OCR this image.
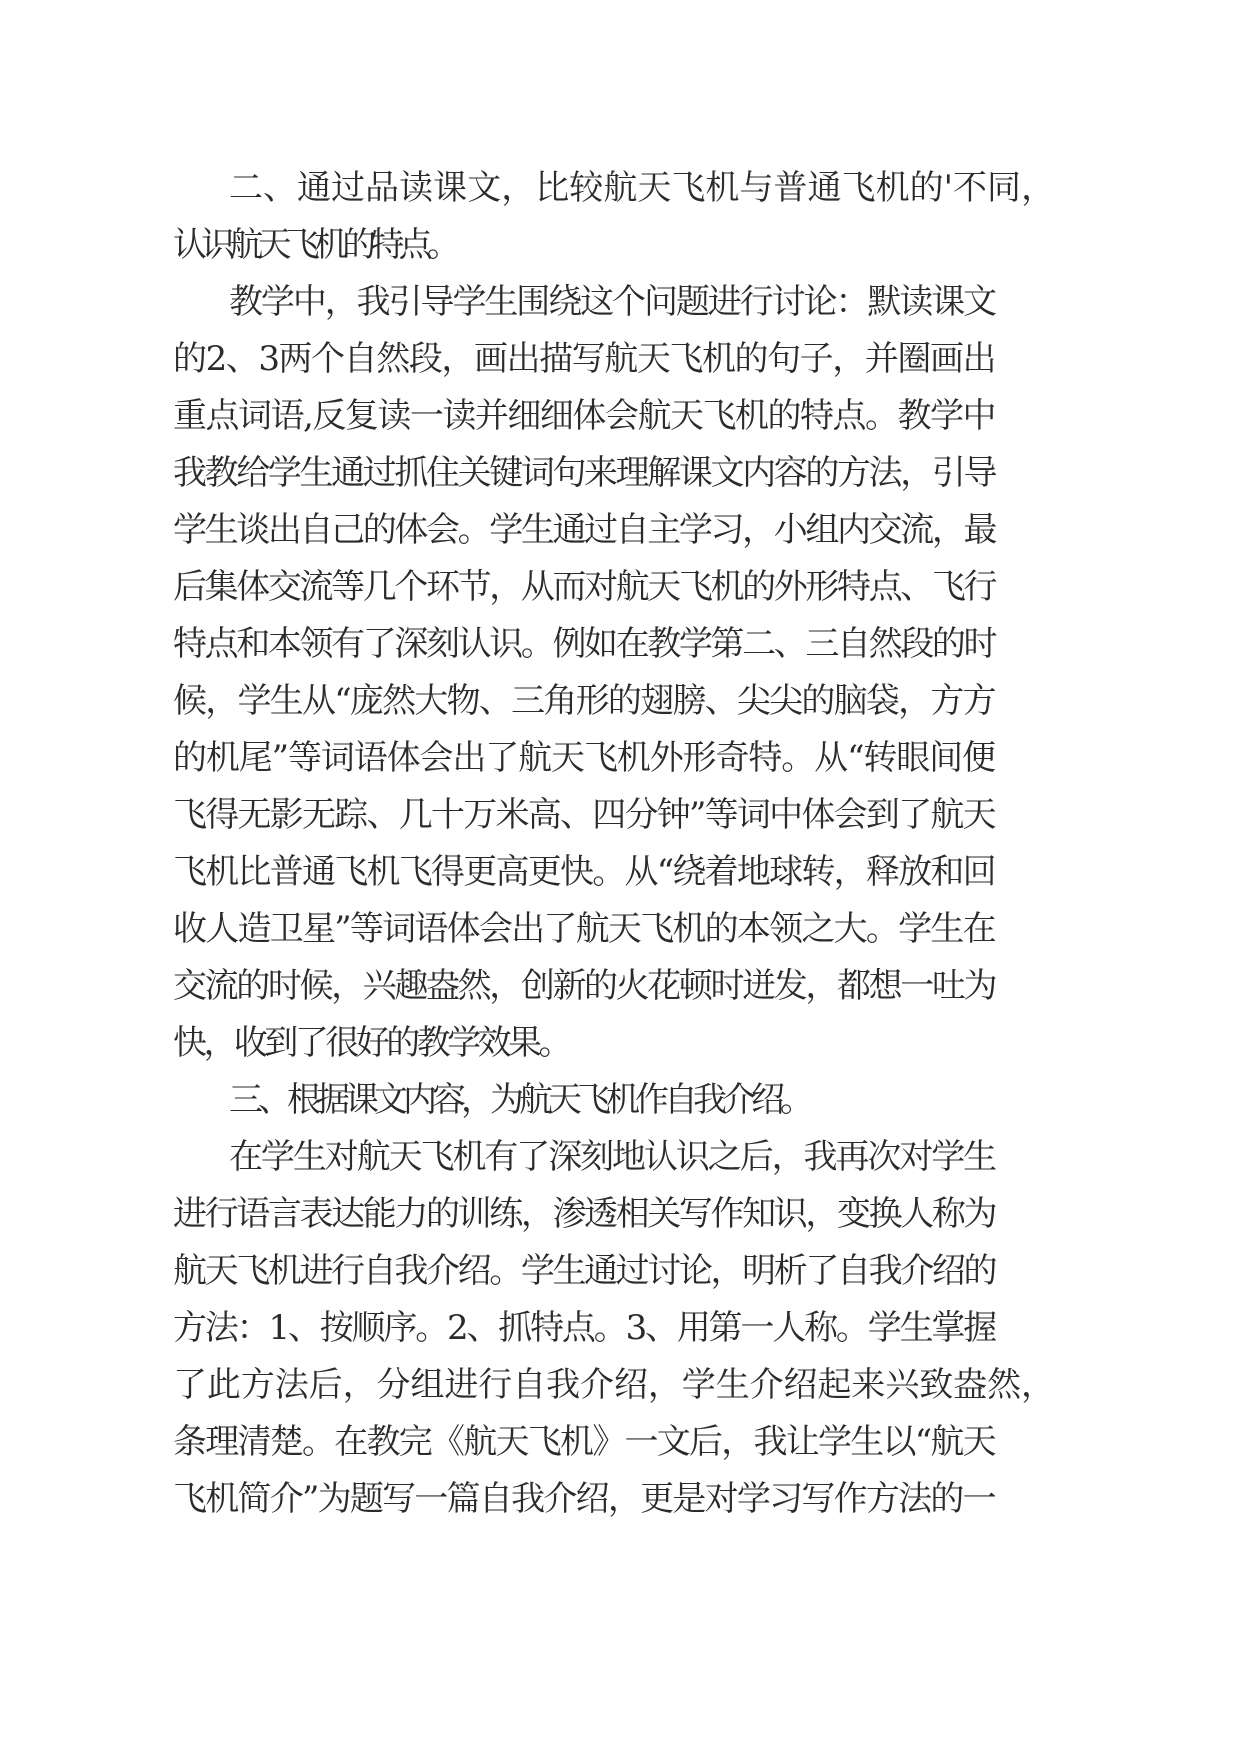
二、通过品读课文，比较航天飞机与普通飞机的'不同，
认识航天飞机的特点。
教学中，我引导学生围绕这个问题进行讨论：默读课文
的2、3两个自然段，画出描写航天飞机的句子，并圈画出
重点词语,反复读一读并细细体会航天飞机的特点。教学中
我教给学生通过抓住关键词句来理解课文内容的方法，引导
学生谈出自己的体会。学生通过自主学习，小组内交流，最
后集体交流等几个环节，从而对航天飞机的外形特点、飞行
特点和本领有了深刻认识。例如在教学第二、三自然段的时
候，学生从“庞然大物、三角形的翅膀、尖尖的脑袋，方方
的机尾”等词语体会出了航天飞机外形奇特。从“转眼间便
飞得无影无踪、几十万米高、四分钟”等词中体会到了航天
飞机比普通飞机飞得更高更快。从“绕着地球转，释放和回
收人造卫星”等词语体会出了航天飞机的本领之大。学生在
交流的时候，兴趣盎然，创新的火花顿时迸发，都想一吐为
快，收到了很好的教学效果。
三、根据课文内容，为航天飞机作自我介绍。
在学生对航天飞机有了深刻地认识之后，我再次对学生
进行语言表达能力的训练，渗透相关写作知识，变换人称为
航天飞机进行自我介绍。学生通过讨论，明析了自我介绍的
方法：1、按顺序。2、抓特点。3、用第一人称。学生掌握
了此方法后，分组进行自我介绍，学生介绍起来兴致盎然，
条理清楚。在教完《航天飞机》一文后，我让学生以“航天
飞机简介”为题写一篇自我介绍，更是对学习写作方法的一
